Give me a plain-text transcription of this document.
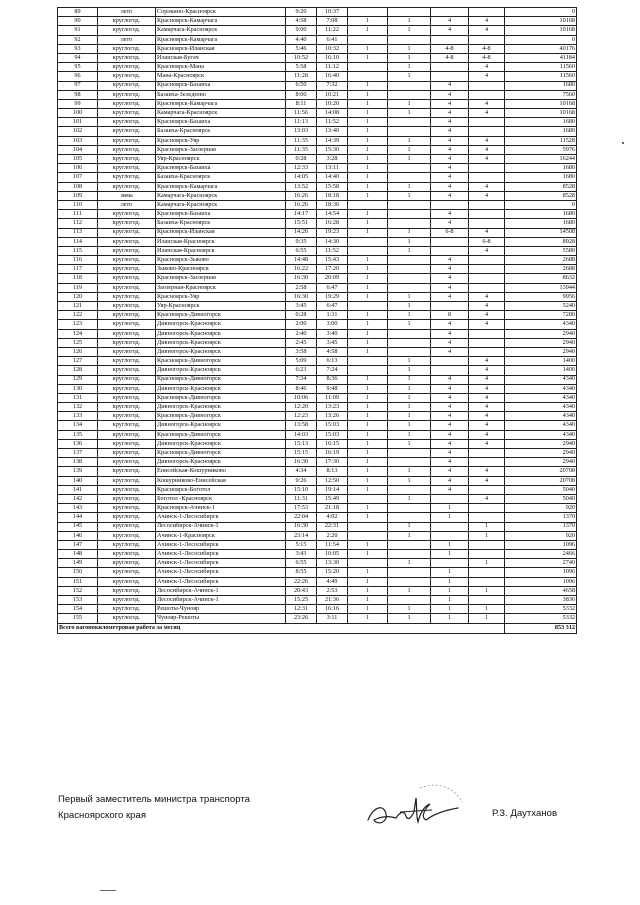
89	лето	Сорокино-Красноярск	9:20	10:37					0
90	круглогод.	Красноярск-Камарчага	4:58	7:08	1	1	4	4	10168
91	круглогод.	Камарчага-Красноярск	9:00	11:22	1	1	4	4	10168
92	лето	Красноярск-Камарчага	4:40	6:41					0
93	круглогод.	Красноярск-Иланская	5:46	10:32	1	1	4-8	4-8	40176
94	круглогод.	Иланская-Бугач	10:52	16:10	1	1	4-8	4-8	41184
95	круглогод.	Красноярск-Мана	5:58	11:12		1		4	11560
96	круглогод.	Мана-Красноярск	11:28	16:40		1		4	11560
97	круглогод.	Красноярск-Базаиха	6:50	7:32	1		4		1680
98	круглогод.	Базаиха-Зеледеево	8:00	10:21	1		4		7560
99	круглогод.	Красноярск-Камарчага	8:11	10:20	1	1	4	4	10168
100	круглогод.	Камарчага-Красноярск	11:56	14:08	1	1	4	4	10168
101	круглогод.	Красноярск-Базаиха	11:13	11:52	1		4		1680
102	круглогод.	Базаиха-Красноярск	13:03	13:40	1		4		1680
103	круглогод.	Красноярск-Уяр	11:35	14:39	1	1	4	4	11528
104	круглогод.	Красноярск-Заозерная	11:35	15:30	1	1	4	4	5976
105	круглогод.	Уяр-Красноярск	0:28	3:28	1	1	4	4	16244
106	круглогод.	Красноярск-Базаиха	12:33	13:11	1		4		1680
107	круглогод.	Базаиха-Красноярск	14:05	14:40	1		4		1680
108	круглогод.	Красноярск-Камарчага	13:52	15:58	1	1	4	4	8528
109	зима	Камарчага-Красноярск	16:26	18:18	1	1	4	4	8528
110	лето	Камарчага-Красноярск	16:26	18:36					0
111	круглогод.	Красноярск-Базаиха	14:17	14:54	1		4		1680
112	круглогод.	Базаиха-Красноярск	15:51	16:28	1		4		1680
113	круглогод.	Красноярск-Иланская	14:26	19:23	1	1	6-8	4	14508
114	круглогод.	Иланская-Красноярск	9:35	14:30		1		6-8	8928
115	круглогод.	Иланская-Красноярск	6:55	11:52		1		4	5580
116	круглогод.	Красноярск-Зыково	14:48	15:43	1		4		2688
117	круглогод.	Зыково-Красноярск	16:22	17:20	1		4		2688
118	круглогод.	Красноярск-Заозерная	16:30	20:09	1		4		8632
119	круглогод.	Заозерная-Красноярск	2:58	6:47	1		4		13944
120	круглогод.	Красноярск-Уяр	16:30	19:29	1	1	4	4	9956
121	круглогод.	Уяр-Красноярск	3:45	6:47		1		4	5240
122	круглогод.	Красноярск-Дивногорск	0:28	1:31	1	1	8	4	7280
123	круглогод.	Дивногорск-Красноярск	2:00	3:00	1	1	4	4	4340
124	круглогод.	Дивногорск-Красноярск	2:40	3:40	1		4		2940
125	круглогод.	Дивногорск-Красноярск	2:45	3:45	1		4		2940
126	круглогод.	Дивногорск-Красноярск	3:58	4:58	1		4		2940
127	круглогод.	Красноярск-Дивногорск	5:09	6:13		1		4	1400
128	круглогод.	Дивногорск-Красноярск	6:23	7:24		1		4	1400
129	круглогод.	Красноярск-Дивногорск	7:34	8:36	1	1	4	4	4340
130	круглогод.	Дивногорск-Красноярск	8:46	9:48	1	1	4	4	4340
131	круглогод.	Красноярск-Дивногорск	10:06	11:09	1	1	4	4	4340
132	круглогод.	Дивногорск-Красноярск	12:20	13:23	1	1	4	4	4340
133	круглогод.	Красноярск-Дивногорск	12:23	13:26	1	1	4	4	4340
134	круглогод.	Дивногорск-Красноярск	13:58	15:03	1	1	4	4	4340
135	круглогод.	Красноярск-Дивногорск	14:03	15:03	1	1	4	4	4340
136	круглогод.	Дивногорск-Красноярск	15:13	16:15	1	1	4	4	2940
137	круглогод.	Красноярск-Дивногорск	15:15	16:19	1		4		2940
138	круглогод.	Дивногорск-Красноярск	16:30	17:30	1		4		2940
139	круглогод.	Енисейская-Кошурниково	4:34	8:13	1	1	4	4	20708
140	круглогод.	Кошурниково-Енисейская	9:26	12:50	1	1	4	4	20708
141	круглогод.	Красноярск-Боготол	15:10	19:14	1		4		5040
142	круглогод.	Боготол -Красноярск	11:31	15:49		1		4	5040
143	круглогод.	Красноярск-Ачинск-1	17:53	21:18	1		1		920
144	круглогод.	Ачинск-1-Лесосибирск	22:04	4:02	1		1		1370
145	круглогод.	Лесосибирск-Ачинск-1	16:30	22:31		1		1	1370
146	круглогод.	Ачинск-1-Красноярск	23:14	2:20		1		1	920
147	круглогод.	Ачинск-1-Лесосибирск	5:15	11:54	1		1		1096
148	круглогод.	Ачинск-1-Лесосибирск	3:43	10:05	1		1		2466
149	круглогод.	Ачинск-1-Лесосибирск	6:55	13:30		1		1	2740
150	круглогод.	Ачинск-1-Лесосибирск	8:55	15:20	1		1		1096
151	круглогод.	Ачинск-1-Лесосибирск	22:26	4:49	1		1		1096
152	круглогод.	Лесосибирск-Ачинск-1	20:43	2:53	1	1	1	1	4658
153	круглогод.	Лесосибирск-Ачинск-1	15:25	21:36	1		1		3836
154	круглогод.	Решоты-Чунояр	12:31	16:16	1	1	1	1	5332
155	круглогод.	Чунояр-Решоты	23:26	3:11	1	1	1	1	5332
Всего вагонокилометровая работа за месяц									853 312
Первый заместитель министра транспорта
Красноярского края	Р.З. Даутханов
